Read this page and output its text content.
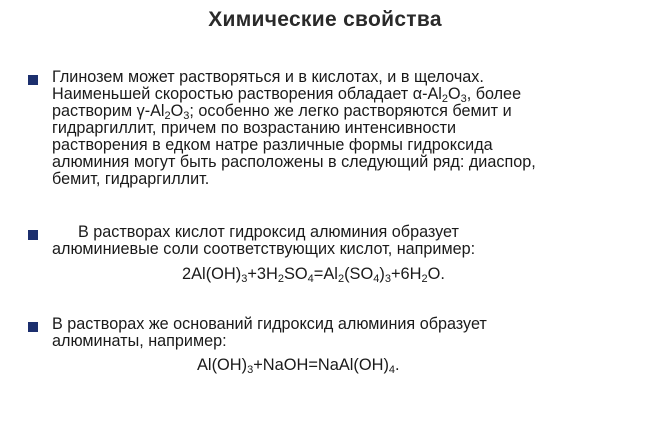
Химические свойства
Глинозем может растворяться и в кислотах, и в щелочах.
Наименьшей скоростью растворения обладает $\alpha-Al_2O_3$, более
растворим $\gamma-Al_2O_3$; особенно же легко растворяются бемит и
гидраргиллит, причем по возрастанию интенсивности
растворения в едком натре различные формы гидроксида
алюминия могут быть расположены в следующий ряд: диаспор,
бемит, гидраргиллит.
В растворах кислот гидроксид алюминия образует
алюминиевые соли соответствующих кислот, например:
$2Al(OH)_3+3H_2SO_4=Al_2(SO_4)_3+6H_2O$.
В растворах же оснований гидроксид алюминия образует
алюминаты, например:
$Al(OH)_3+NaOH=NaAl(OH)_4$.
